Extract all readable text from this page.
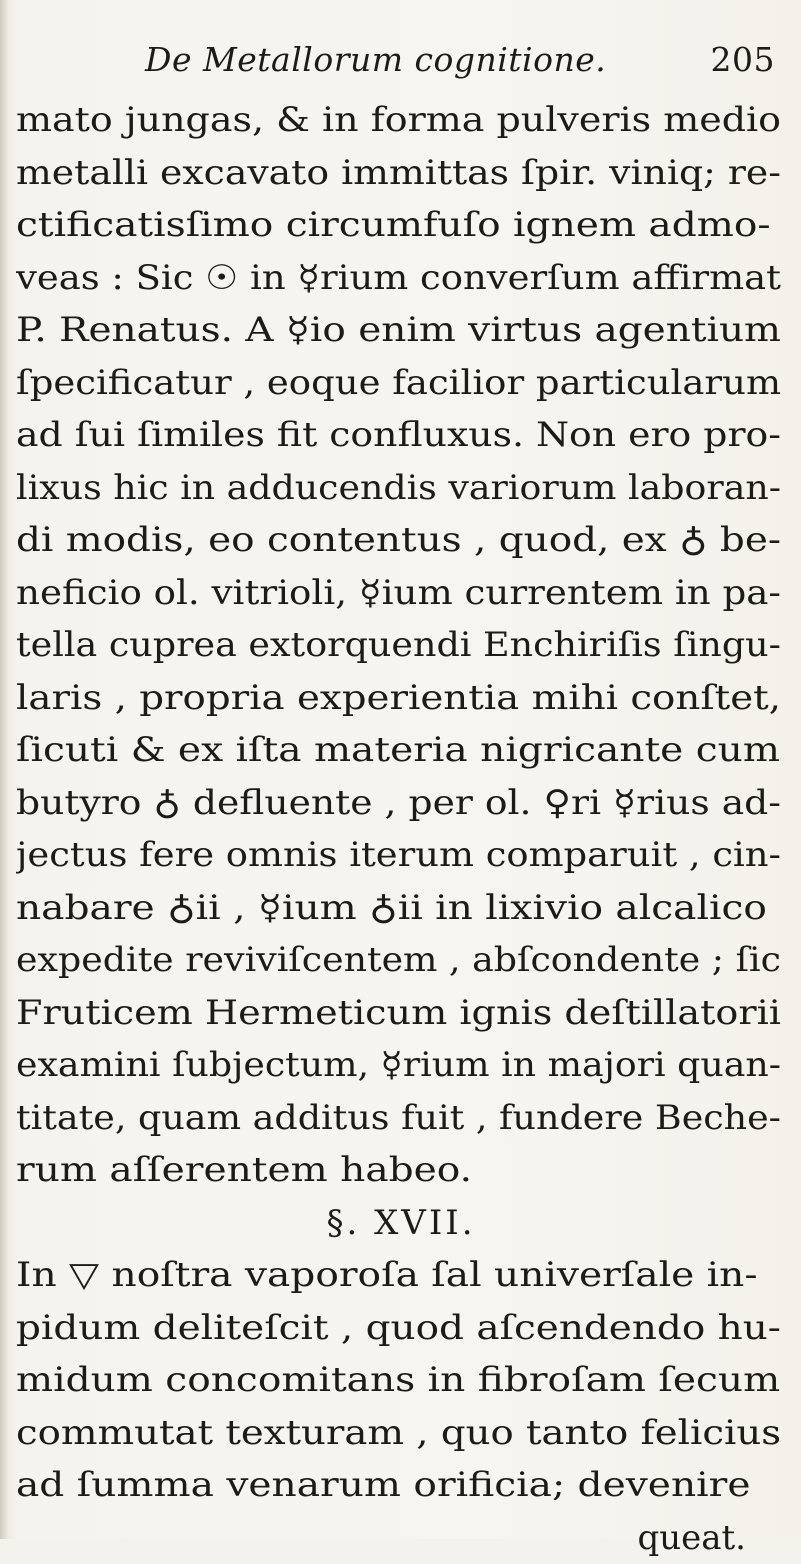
De Metallorum cognitione.	205
mato jungas, & in forma pulveris medio
metalli excavato immittas ſpir. viniq; re-
ctificatisſimo circumfuſo ignem admo-
veas : Sic ☉ in ☿rium converſum affirmat
P. Renatus. A ☿io enim virtus agentium
ſpecificatur , eoque facilior particularum
ad ſui ſimiles fit confluxus. Non ero pro-
lixus hic in adducendis variorum laboran-
di modis, eo contentus , quod, ex ♁ be-
neficio ol. vitrioli, ☿ium currentem in pa-
tella cuprea extorquendi Enchiriſis ſingu-
laris , propria experientia mihi conſtet,
ſicuti & ex iſta materia nigricante cum
butyro ♁ defluente , per ol. ♀ri ☿rius ad-
jectus fere omnis iterum comparuit , cin-
nabare ♁ii , ☿ium ♁ii in lixivio alcalico
expedite reviviſcentem , abſcondente ; ſic
Fruticem Hermeticum ignis deſtillatorii
examini ſubjectum, ☿rium in majori quan-
titate, quam additus fuit , fundere Beche-
rum aſſerentem habeo.
§. XVII.
In ▽ noſtra vaporoſa ſal univerſale in-
pidum deliteſcit , quod aſcendendo hu-
midum concomitans in fibroſam ſecum
commutat texturam , quo tanto felicius
ad ſumma venarum orificia; devenire
queat.
